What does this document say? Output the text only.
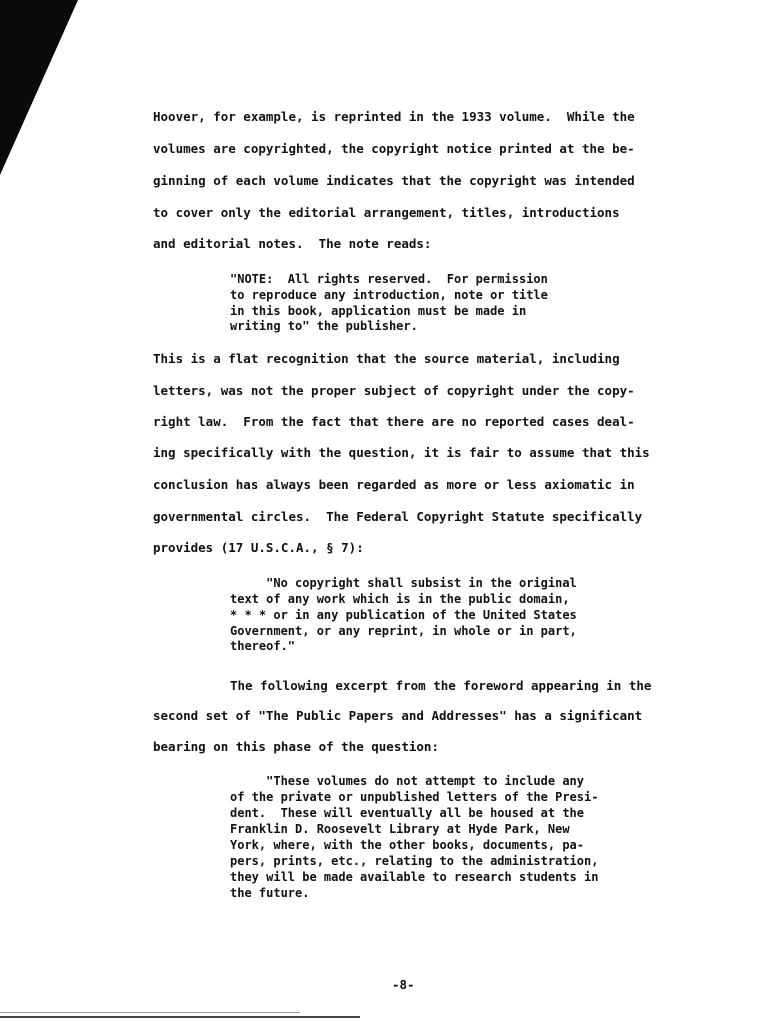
Hoover, for example, is reprinted in the 1933 volume.  While the
volumes are copyrighted, the copyright notice printed at the be-
ginning of each volume indicates that the copyright was intended
to cover only the editorial arrangement, titles, introductions
and editorial notes.  The note reads:
"NOTE:  All rights reserved.  For permission
to reproduce any introduction, note or title
in this book, application must be made in
writing to" the publisher.
This is a flat recognition that the source material, including
letters, was not the proper subject of copyright under the copy-
right law.  From the fact that there are no reported cases deal-
ing specifically with the question, it is fair to assume that this
conclusion has always been regarded as more or less axiomatic in
governmental circles.  The Federal Copyright Statute specifically
provides (17 U.S.C.A., § 7):
"No copyright shall subsist in the original
text of any work which is in the public domain,
* * * or in any publication of the United States
Government, or any reprint, in whole or in part,
thereof."
The following excerpt from the foreword appearing in the
second set of "The Public Papers and Addresses" has a significant
bearing on this phase of the question:
"These volumes do not attempt to include any
of the private or unpublished letters of the Presi-
dent.  These will eventually all be housed at the
Franklin D. Roosevelt Library at Hyde Park, New
York, where, with the other books, documents, pa-
pers, prints, etc., relating to the administration,
they will be made available to research students in
the future.
-8-
